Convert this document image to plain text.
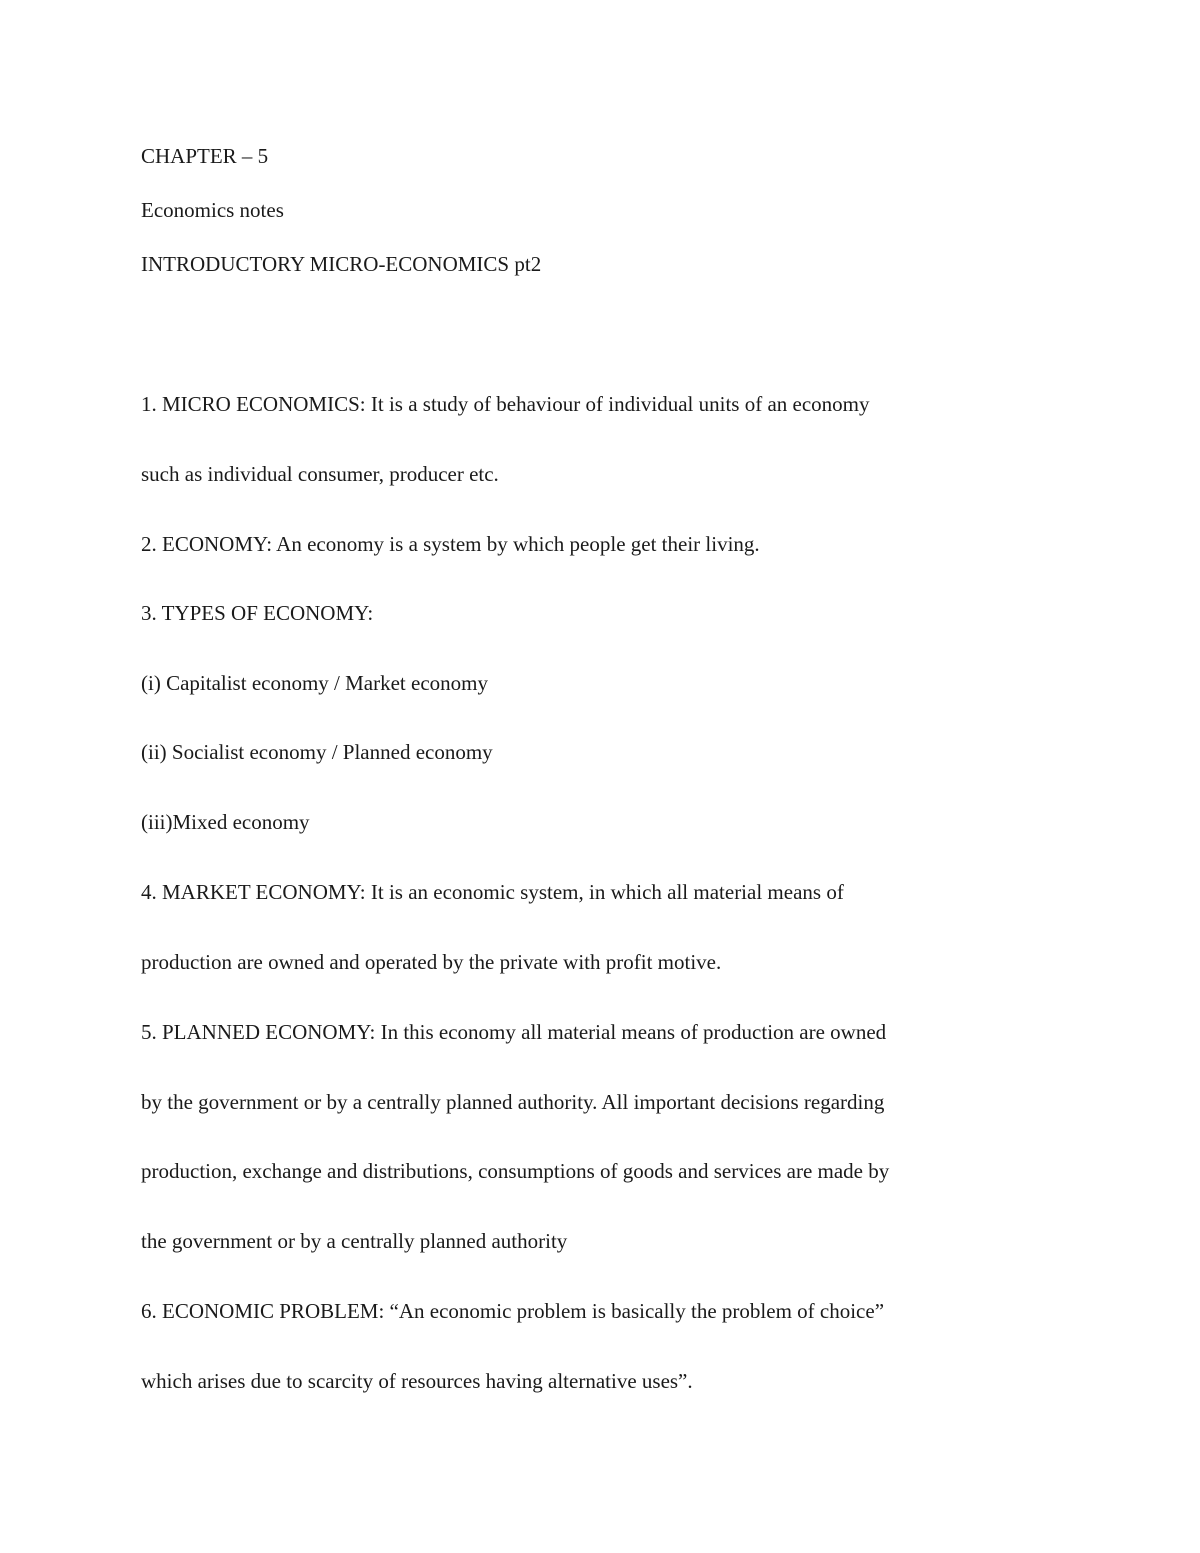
CHAPTER – 5

Economics notes

INTRODUCTORY MICRO-ECONOMICS pt2

1. MICRO ECONOMICS: It is a study of behaviour of individual units of an economy

such as individual consumer, producer etc.

2. ECONOMY: An economy is a system by which people get their living.

3. TYPES OF ECONOMY:

(i) Capitalist economy / Market economy

(ii) Socialist economy / Planned economy

(iii)Mixed economy

4. MARKET ECONOMY: It is an economic system, in which all material means of

production are owned and operated by the private with profit motive.

5. PLANNED ECONOMY: In this economy all material means of production are owned

by the government or by a centrally planned authority. All important decisions regarding

production, exchange and distributions, consumptions of goods and services are made by

the government or by a centrally planned authority

6. ECONOMIC PROBLEM: “An economic problem is basically the problem of choice”

which arises due to scarcity of resources having alternative uses”.
